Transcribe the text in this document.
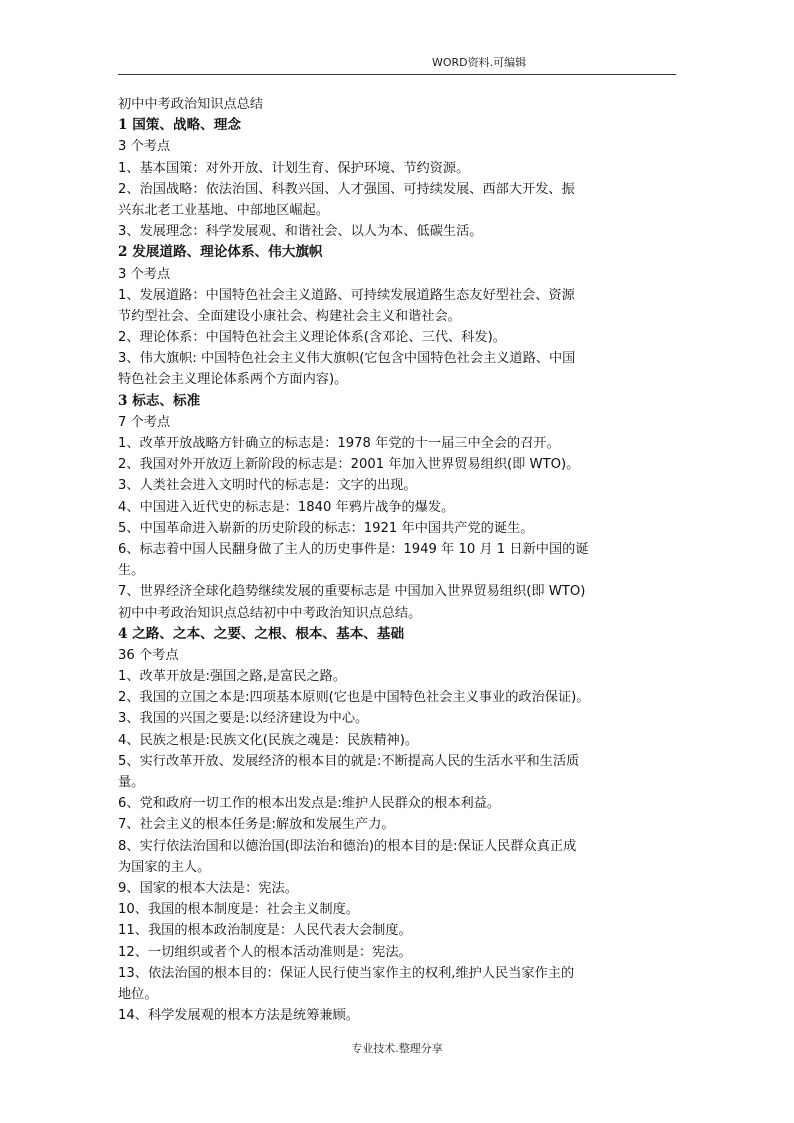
WORD资料.可编辑
初中中考政治知识点总结
1 国策、战略、理念
3 个考点
1、基本国策：对外开放、计划生育、保护环境、节约资源。
2、治国战略：依法治国、科教兴国、人才强国、可持续发展、西部大开发、振
兴东北老工业基地、中部地区崛起。
3、发展理念：科学发展观、和谐社会、以人为本、低碳生活。
2 发展道路、理论体系、伟大旗帜
3 个考点
1、发展道路：中国特色社会主义道路、可持续发展道路生态友好型社会、资源
节约型社会、全面建设小康社会、构建社会主义和谐社会。
2、理论体系：中国特色社会主义理论体系(含邓论、三代、科发)。
3、伟大旗帜: 中国特色社会主义伟大旗帜(它包含中国特色社会主义道路、中国
特色社会主义理论体系两个方面内容)。
3 标志、标准
7 个考点
1、改革开放战略方针确立的标志是：1978 年党的十一届三中全会的召开。
2、我国对外开放迈上新阶段的标志是：2001 年加入世界贸易组织(即 WTO)。
3、人类社会进入文明时代的标志是：文字的出现。
4、中国进入近代史的标志是：1840 年鸦片战争的爆发。
5、中国革命进入崭新的历史阶段的标志：1921 年中国共产党的诞生。
6、标志着中国人民翻身做了主人的历史事件是：1949 年 10 月 1 日新中国的诞
生。
7、世界经济全球化趋势继续发展的重要标志是 中国加入世界贸易组织(即 WTO)
初中中考政治知识点总结初中中考政治知识点总结。
4 之路、之本、之要、之根、根本、基本、基础
36 个考点
1、改革开放是:强国之路,是富民之路。
2、我国的立国之本是:四项基本原则(它也是中国特色社会主义事业的政治保证)。
3、我国的兴国之要是:以经济建设为中心。
4、民族之根是:民族文化(民族之魂是：民族精神)。
5、实行改革开放、发展经济的根本目的就是:不断提高人民的生活水平和生活质
量。
6、党和政府一切工作的根本出发点是:维护人民群众的根本利益。
7、社会主义的根本任务是:解放和发展生产力。
8、实行依法治国和以德治国(即法治和德治)的根本目的是:保证人民群众真正成
为国家的主人。
9、国家的根本大法是：宪法。
10、我国的根本制度是：社会主义制度。
11、我国的根本政治制度是：人民代表大会制度。
12、一切组织或者个人的根本活动准则是：宪法。
13、依法治国的根本目的：保证人民行使当家作主的权利,维护人民当家作主的
地位。
14、科学发展观的根本方法是统筹兼顾。
专业技术.整理分享
